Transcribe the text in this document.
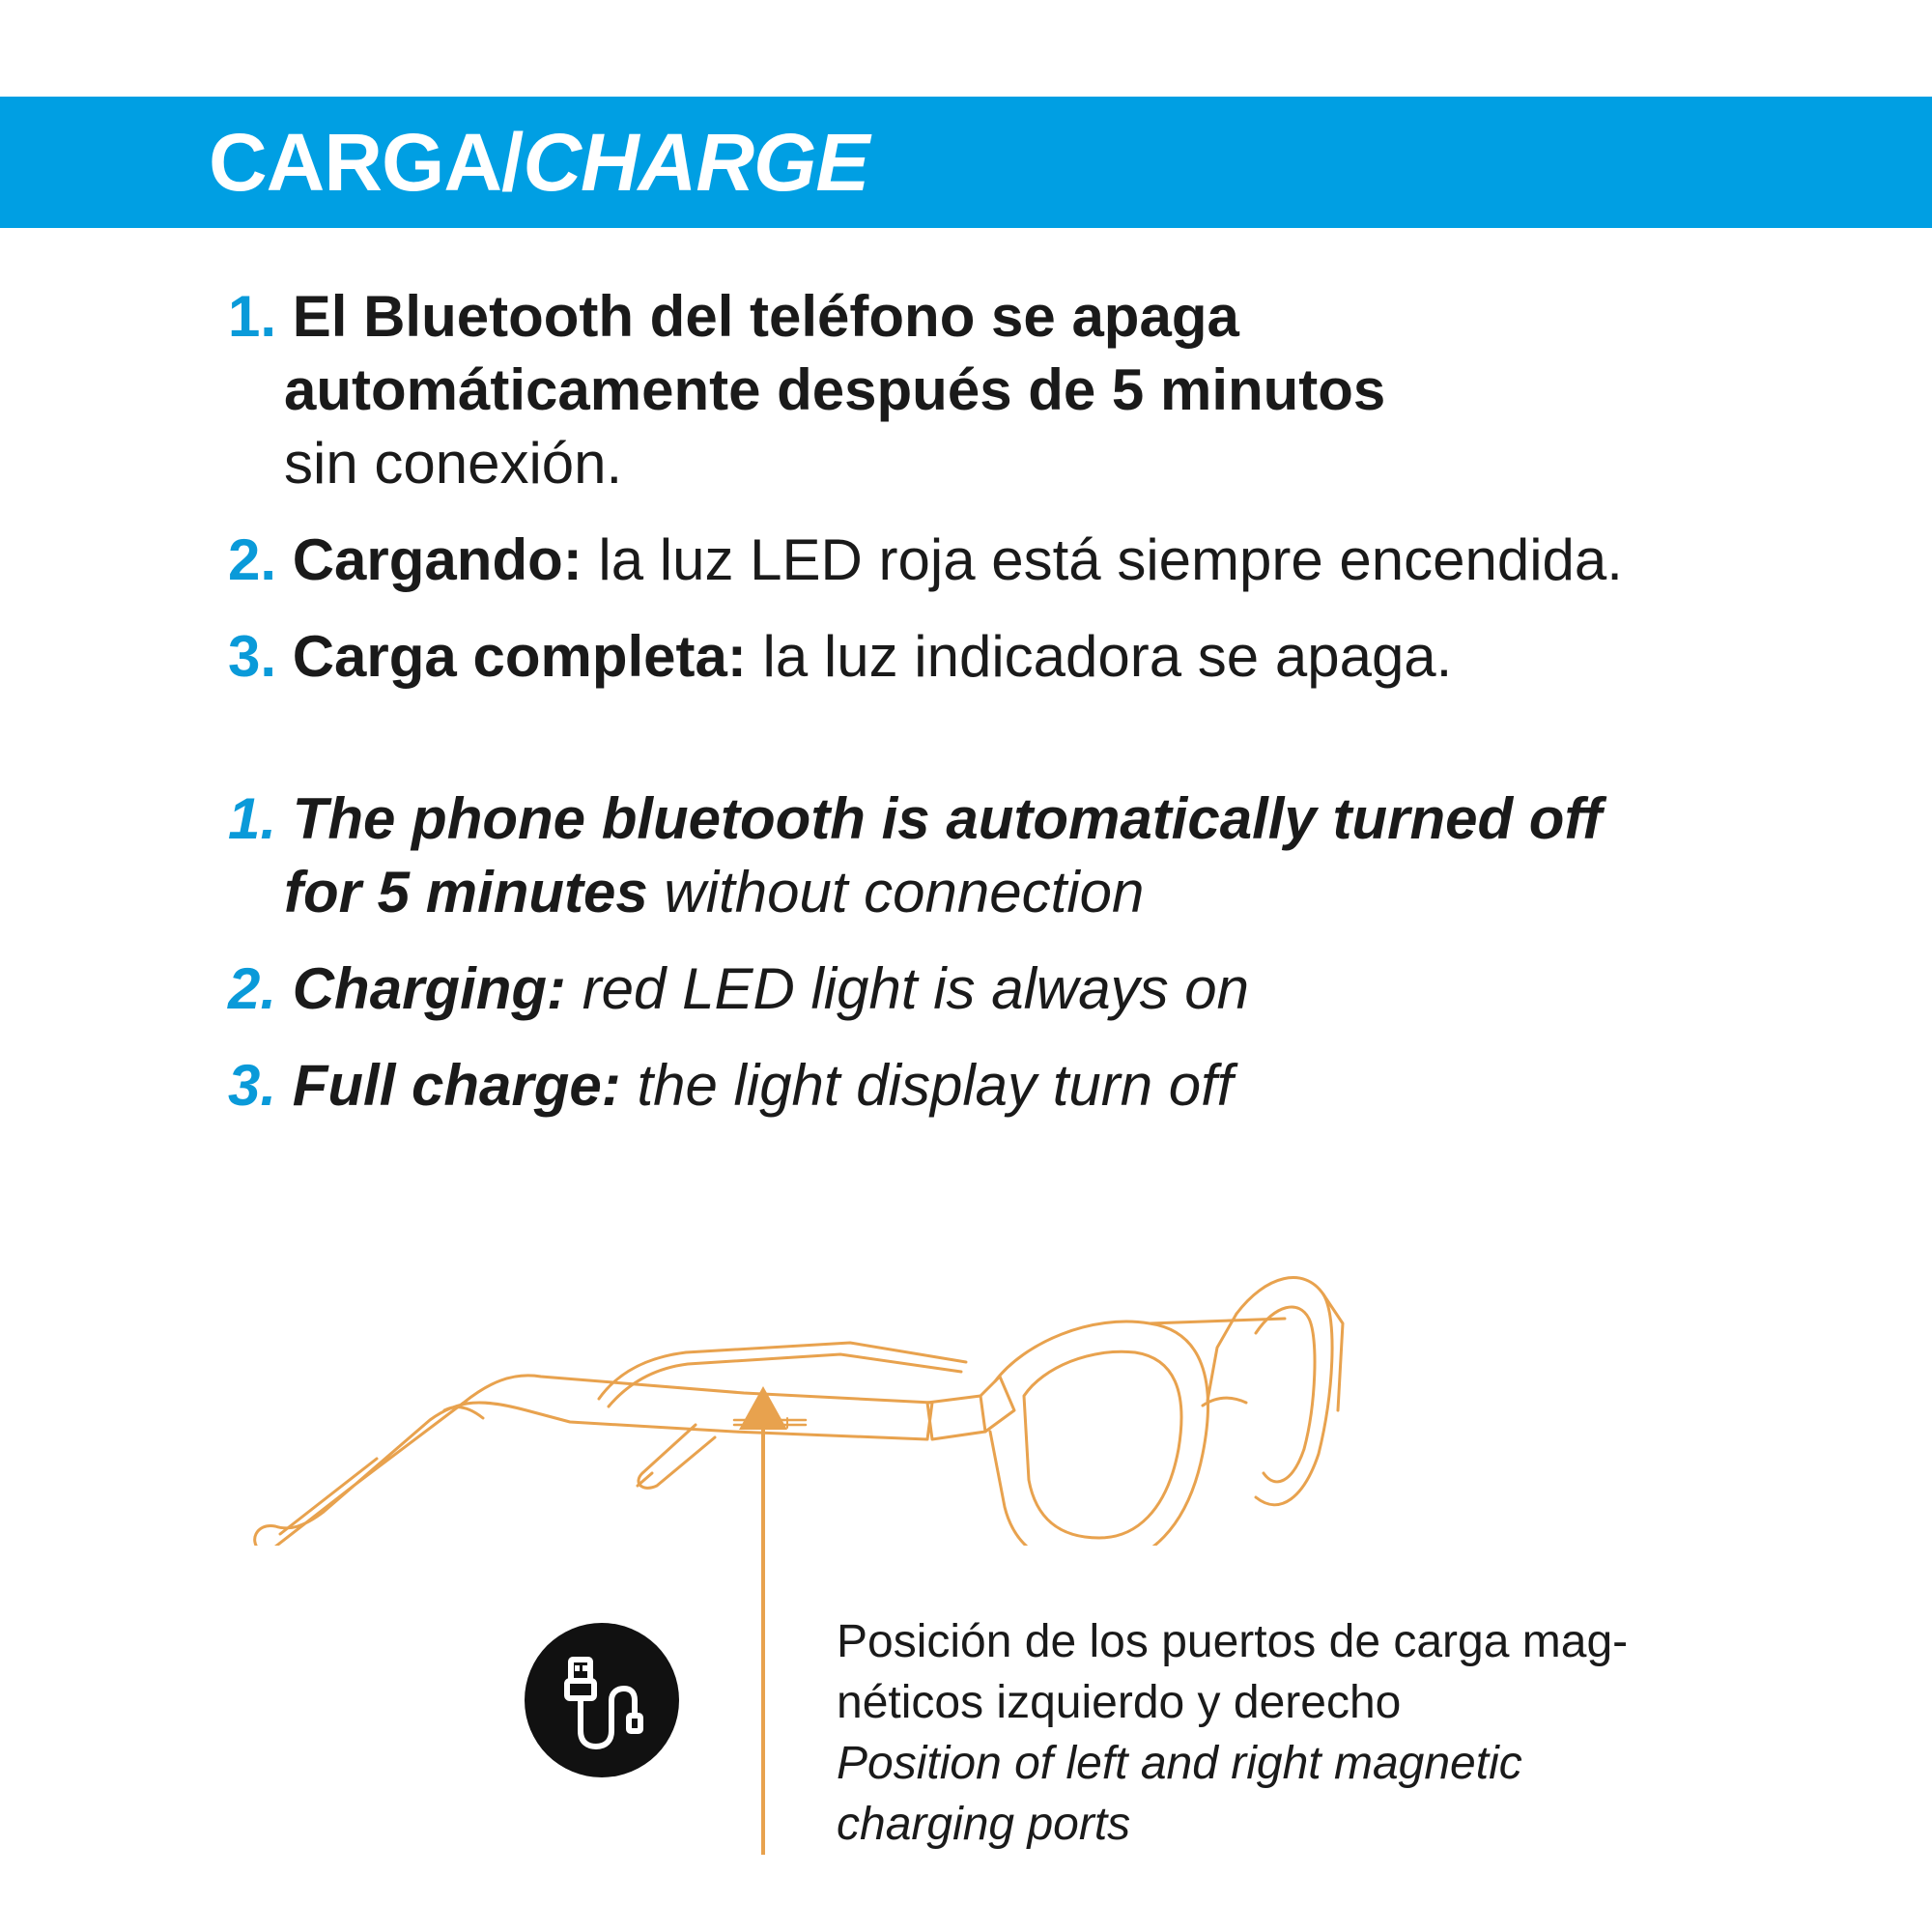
CARGA/CHARGE
1. El Bluetooth del teléfono se apaga
automáticamente después de 5 minutos
sin conexión.
2. Cargando: la luz LED roja está siempre encendida.
3. Carga completa: la luz indicadora se apaga.
1. The phone bluetooth is automatically turned off
for 5 minutes without connection
2. Charging: red LED light is always on
3. Full charge: the light display turn off
Posición de los puertos de carga mag-
néticos izquierdo y derecho
Position of left and right magnetic
charging ports
